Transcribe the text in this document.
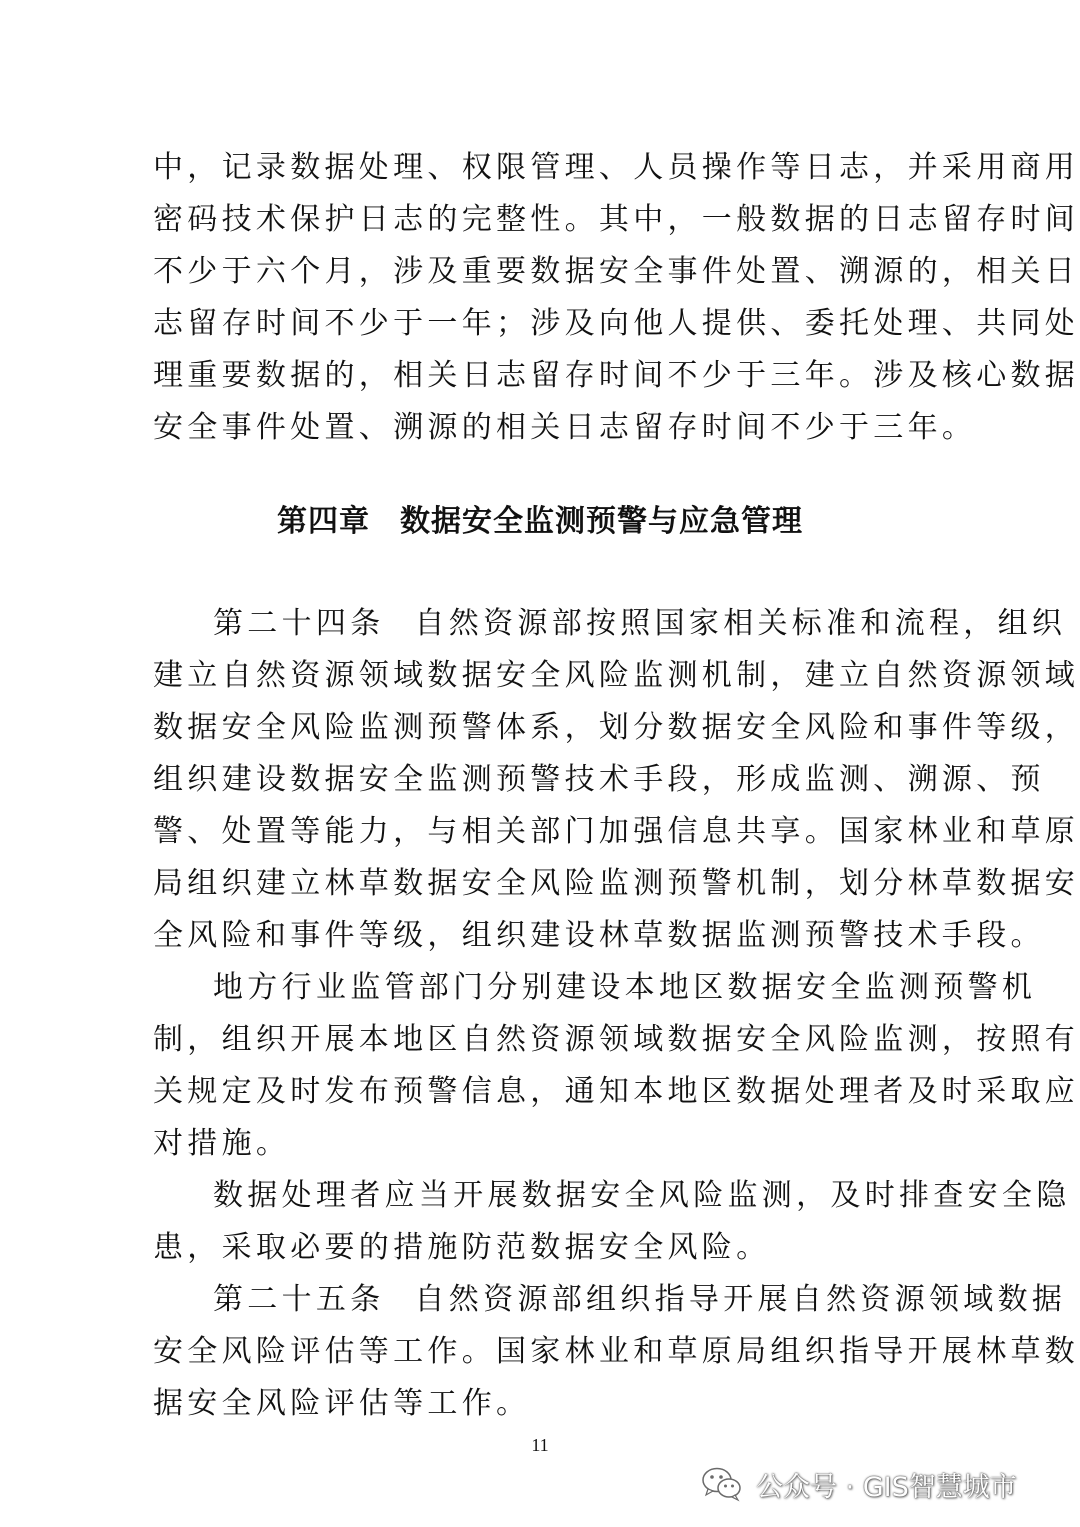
中，记录数据处理、权限管理、人员操作等日志，并采用商用
密码技术保护日志的完整性。其中，一般数据的日志留存时间
不少于六个月，涉及重要数据安全事件处置、溯源的，相关日
志留存时间不少于一年；涉及向他人提供、委托处理、共同处
理重要数据的，相关日志留存时间不少于三年。涉及核心数据
安全事件处置、溯源的相关日志留存时间不少于三年。
第四章 数据安全监测预警与应急管理
第二十四条 自然资源部按照国家相关标准和流程，组织
建立自然资源领域数据安全风险监测机制，建立自然资源领域
数据安全风险监测预警体系，划分数据安全风险和事件等级，
组织建设数据安全监测预警技术手段，形成监测、溯源、预
警、处置等能力，与相关部门加强信息共享。国家林业和草原
局组织建立林草数据安全风险监测预警机制，划分林草数据安
全风险和事件等级，组织建设林草数据监测预警技术手段。
地方行业监管部门分别建设本地区数据安全监测预警机
制，组织开展本地区自然资源领域数据安全风险监测，按照有
关规定及时发布预警信息，通知本地区数据处理者及时采取应
对措施。
数据处理者应当开展数据安全风险监测，及时排查安全隐
患，采取必要的措施防范数据安全风险。
第二十五条 自然资源部组织指导开展自然资源领域数据
安全风险评估等工作。国家林业和草原局组织指导开展林草数
据安全风险评估等工作。
11
公众号 · GIS智慧城市
